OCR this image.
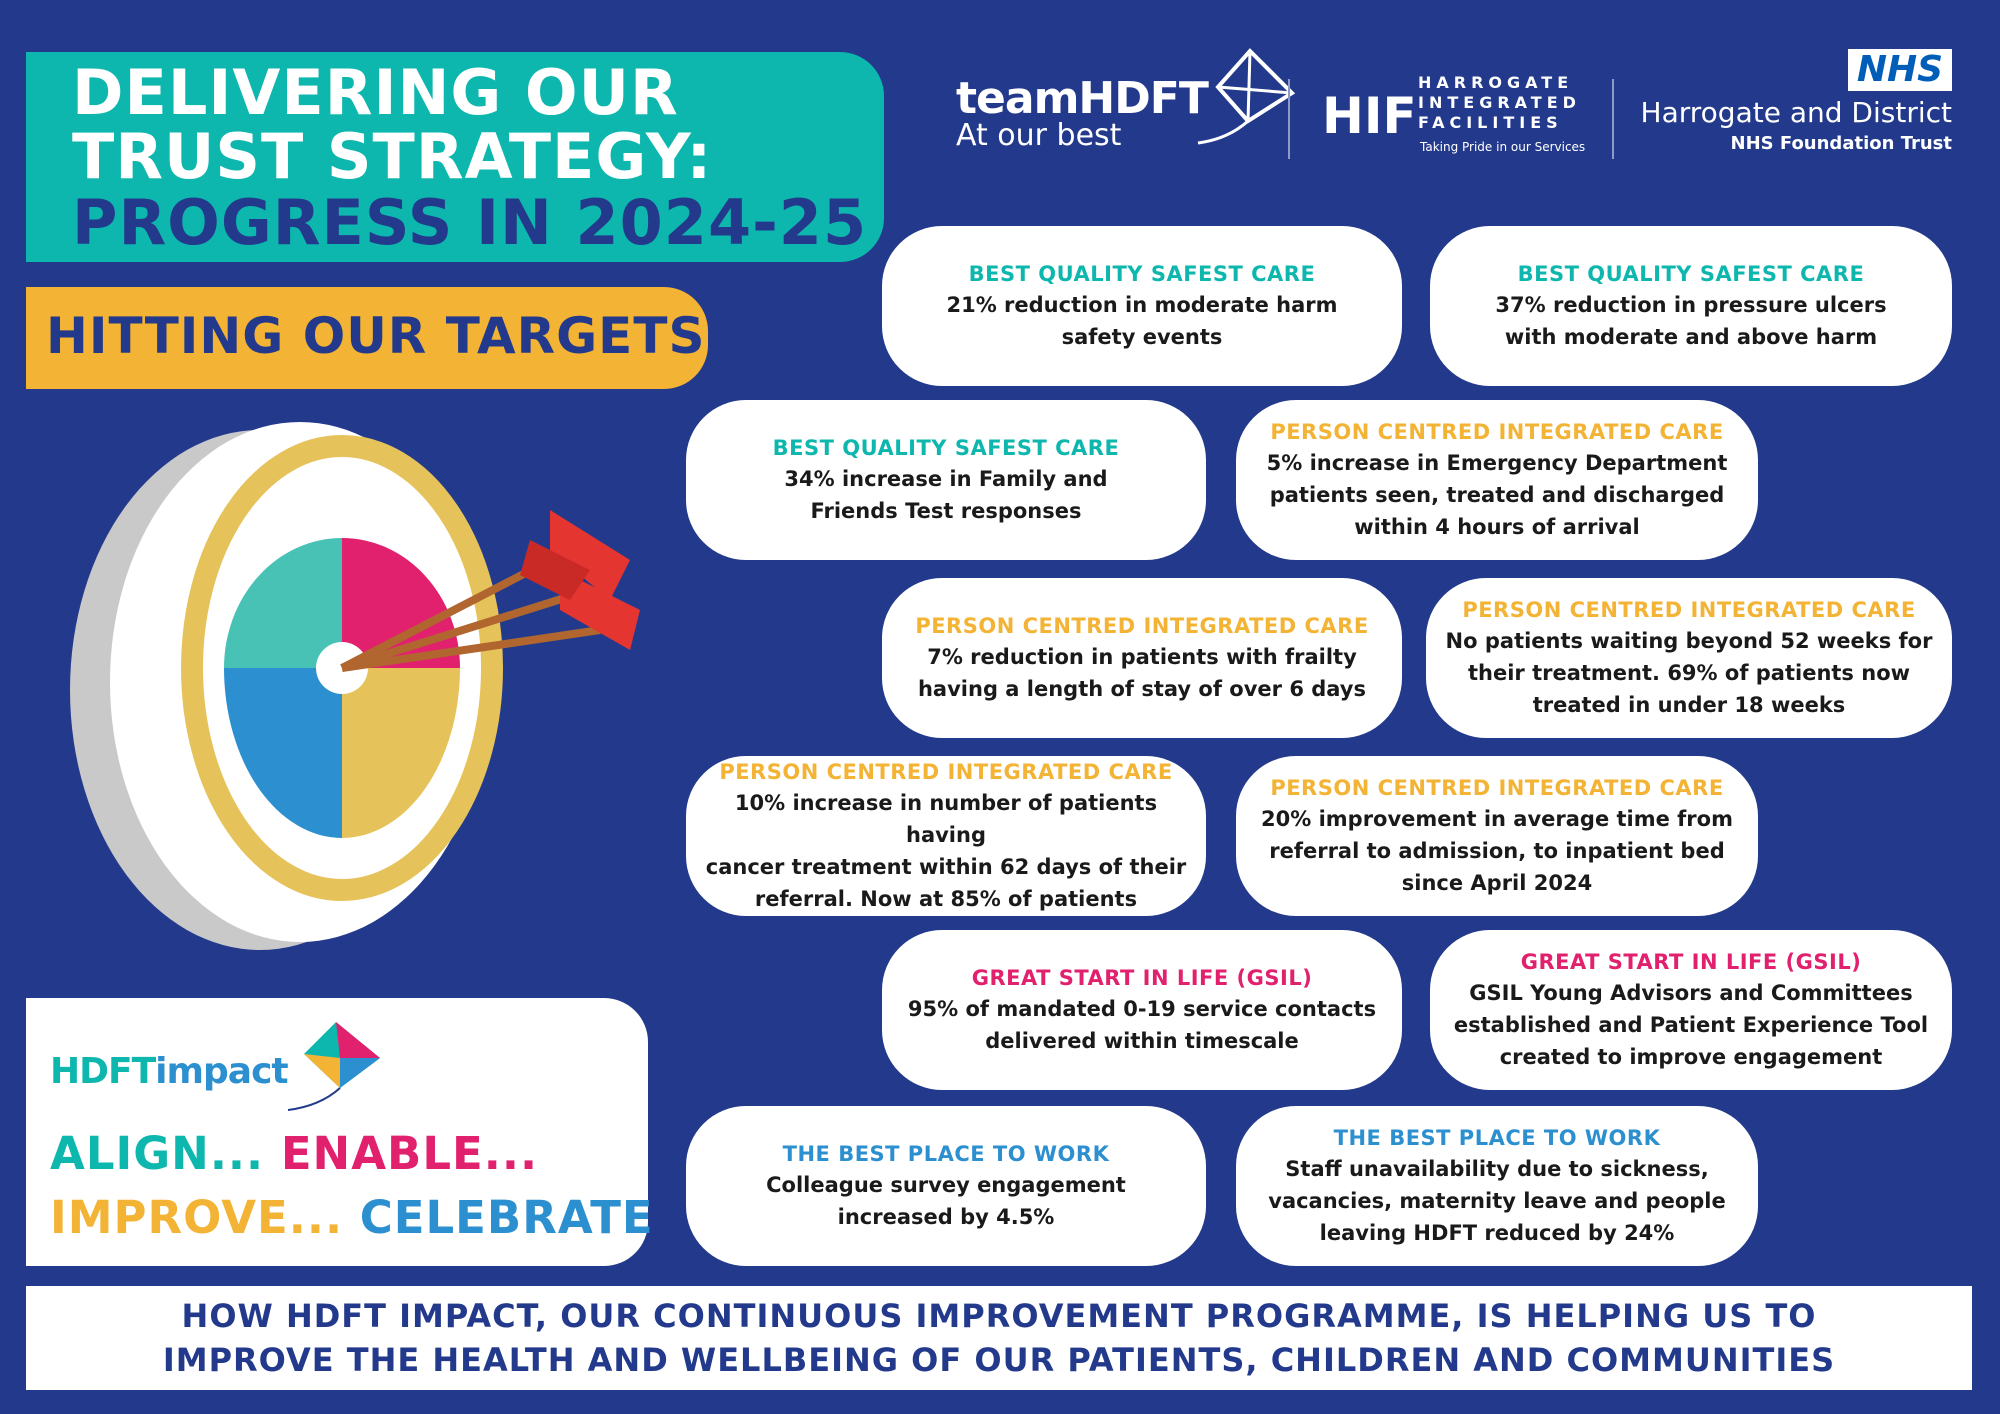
DELIVERING OUR
TRUST STRATEGY:
PROGRESS IN 2024-25
HITTING OUR TARGETS
teamHDFT
At our best	HIF
HARROGATE
INTEGRATED
FACILITIES
Taking Pride in our Services
NHS
Harrogate and District
NHS Foundation Trust
BEST QUALITY SAFEST CARE
21% reduction in moderate harm
safety events
BEST QUALITY SAFEST CARE
37% reduction in pressure ulcers
with moderate and above harm
BEST QUALITY SAFEST CARE
34% increase in Family and
Friends Test responses
PERSON CENTRED INTEGRATED CARE
5% increase in Emergency Department
patients seen, treated and discharged
within 4 hours of arrival
PERSON CENTRED INTEGRATED CARE
7% reduction in patients with frailty
having a length of stay of over 6 days
PERSON CENTRED INTEGRATED CARE
No patients waiting beyond 52 weeks for
their treatment. 69% of patients now
treated in under 18 weeks
PERSON CENTRED INTEGRATED CARE
10% increase in number of patients having
cancer treatment within 62 days of their
referral. Now at 85% of patients
PERSON CENTRED INTEGRATED CARE
20% improvement in average time from
referral to admission, to inpatient bed
since April 2024
GREAT START IN LIFE (GSIL)
95% of mandated 0-19 service contacts
delivered within timescale
GREAT START IN LIFE (GSIL)
GSIL Young Advisors and Committees
established and Patient Experience Tool
created to improve engagement
THE BEST PLACE TO WORK
Colleague survey engagement
increased by 4.5%
THE BEST PLACE TO WORK
Staff unavailability due to sickness,
vacancies, maternity leave and people
leaving HDFT reduced by 24%
HDFTimpact
ALIGN... ENABLE...
IMPROVE... CELEBRATE
HOW HDFT IMPACT, OUR CONTINUOUS IMPROVEMENT PROGRAMME, IS HELPING US TO
IMPROVE THE HEALTH AND WELLBEING OF OUR PATIENTS, CHILDREN AND COMMUNITIES
